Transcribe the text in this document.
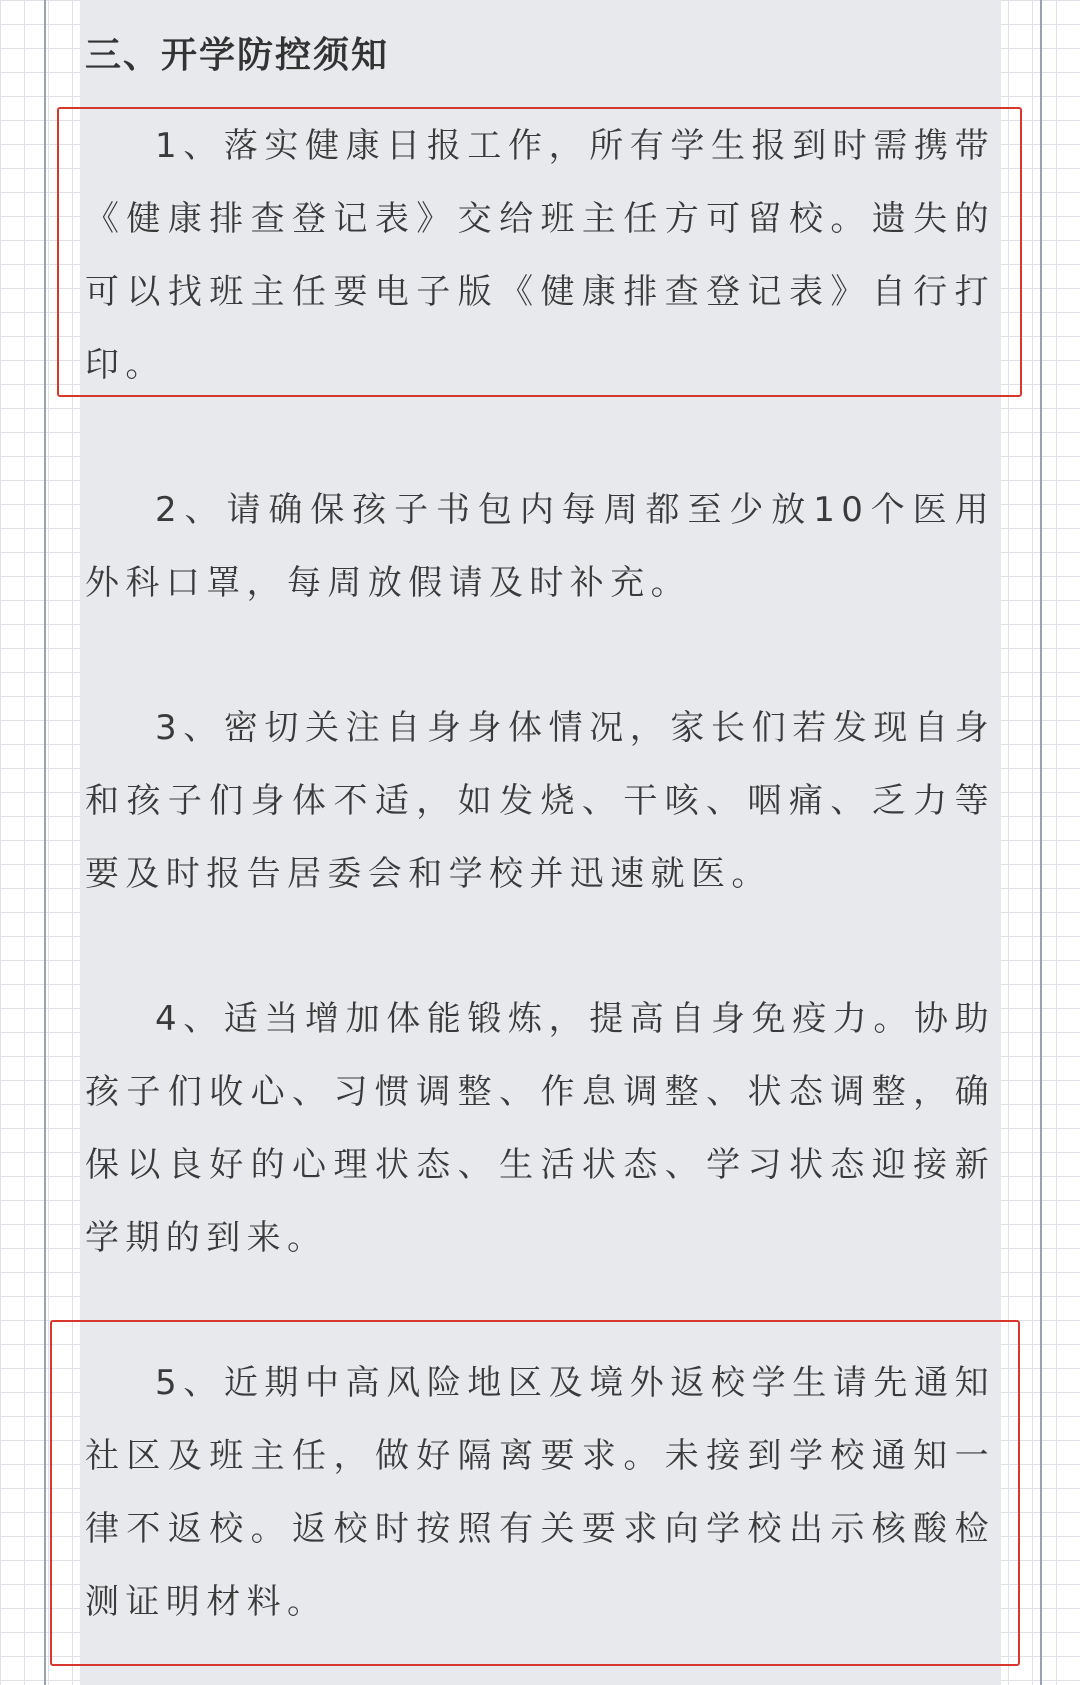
三、开学防控须知

1、落实健康日报工作，所有学生报到时需携带《健康排查登记表》交给班主任方可留校。遗失的可以找班主任要电子版《健康排查登记表》自行打印。

2、请确保孩子书包内每周都至少放10个医用外科口罩，每周放假请及时补充。

3、密切关注自身身体情况，家长们若发现自身和孩子们身体不适，如发烧、干咳、咽痛、乏力等要及时报告居委会和学校并迅速就医。

4、适当增加体能锻炼，提高自身免疫力。协助孩子们收心、习惯调整、作息调整、状态调整，确保以良好的心理状态、生活状态、学习状态迎接新学期的到来。

5、近期中高风险地区及境外返校学生请先通知社区及班主任，做好隔离要求。未接到学校通知一律不返校。返校时按照有关要求向学校出示核酸检测证明材料。
